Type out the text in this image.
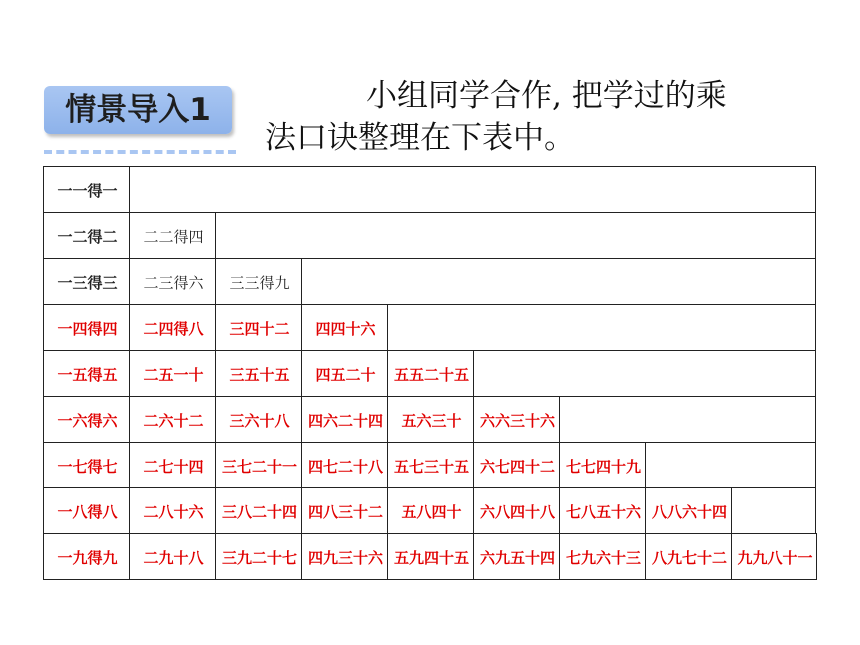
情景导入1	小组同学合作, 把学过的乘
法口诀整理在下表中。
一一得一
一二得二 二二得四
一三得三 二三得六 三三得九
一四得四 二四得八 三四十二 四四十六
一五得五 二五一十 三五十五 四五二十 五五二十五
一六得六 二六十二 三六十八 四六二十四 五六三十 六六三十六
一七得七 二七十四 三七二十一 四七二十八 五七三十五 六七四十二 七七四十九
一八得八 二八十六 三八二十四 四八三十二 五八四十 六八四十八 七八五十六 八八六十四
一九得九 二九十八 三九二十七 四九三十六 五九四十五 六九五十四 七九六十三 八九七十二 九九八十一
